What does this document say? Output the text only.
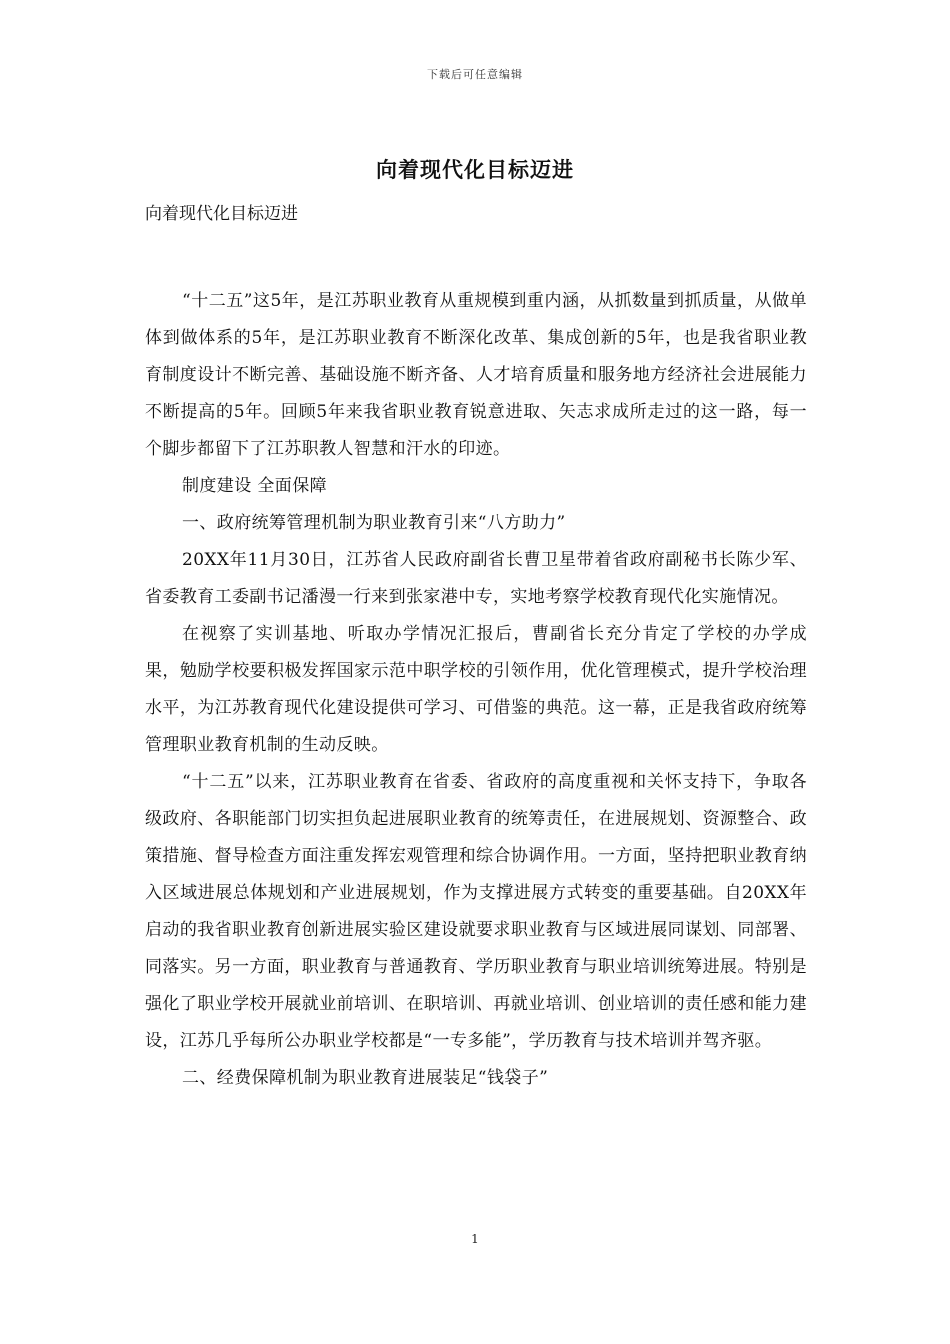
下载后可任意编辑
向着现代化目标迈进

向着现代化目标迈进

“十二五”这5年，是江苏职业教育从重规模到重内涵，从抓数量到抓质量，从做单体到做体系的5年，是江苏职业教育不断深化改革、集成创新的5年，也是我省职业教育制度设计不断完善、基础设施不断齐备、人才培育质量和服务地方经济社会进展能力不断提高的5年。回顾5年来我省职业教育锐意进取、矢志求成所走过的这一路，每一个脚步都留下了江苏职教人智慧和汗水的印迹。

制度建设 全面保障

一、政府统筹管理机制为职业教育引来“八方助力”

20XX年11月30日，江苏省人民政府副省长曹卫星带着省政府副秘书长陈少军、省委教育工委副书记潘漫一行来到张家港中专，实地考察学校教育现代化实施情况。

在视察了实训基地、听取办学情况汇报后，曹副省长充分肯定了学校的办学成果，勉励学校要积极发挥国家示范中职学校的引领作用，优化管理模式，提升学校治理水平，为江苏教育现代化建设提供可学习、可借鉴的典范。这一幕，正是我省政府统筹管理职业教育机制的生动反映。

“十二五”以来，江苏职业教育在省委、省政府的高度重视和关怀支持下，争取各级政府、各职能部门切实担负起进展职业教育的统筹责任，在进展规划、资源整合、政策措施、督导检查方面注重发挥宏观管理和综合协调作用。一方面，坚持把职业教育纳入区域进展总体规划和产业进展规划，作为支撑进展方式转变的重要基础。自20XX年启动的我省职业教育创新进展实验区建设就要求职业教育与区域进展同谋划、同部署、同落实。另一方面，职业教育与普通教育、学历职业教育与职业培训统筹进展。特别是强化了职业学校开展就业前培训、在职培训、再就业培训、创业培训的责任感和能力建设，江苏几乎每所公办职业学校都是“一专多能”，学历教育与技术培训并驾齐驱。

二、经费保障机制为职业教育进展装足“钱袋子”

1
